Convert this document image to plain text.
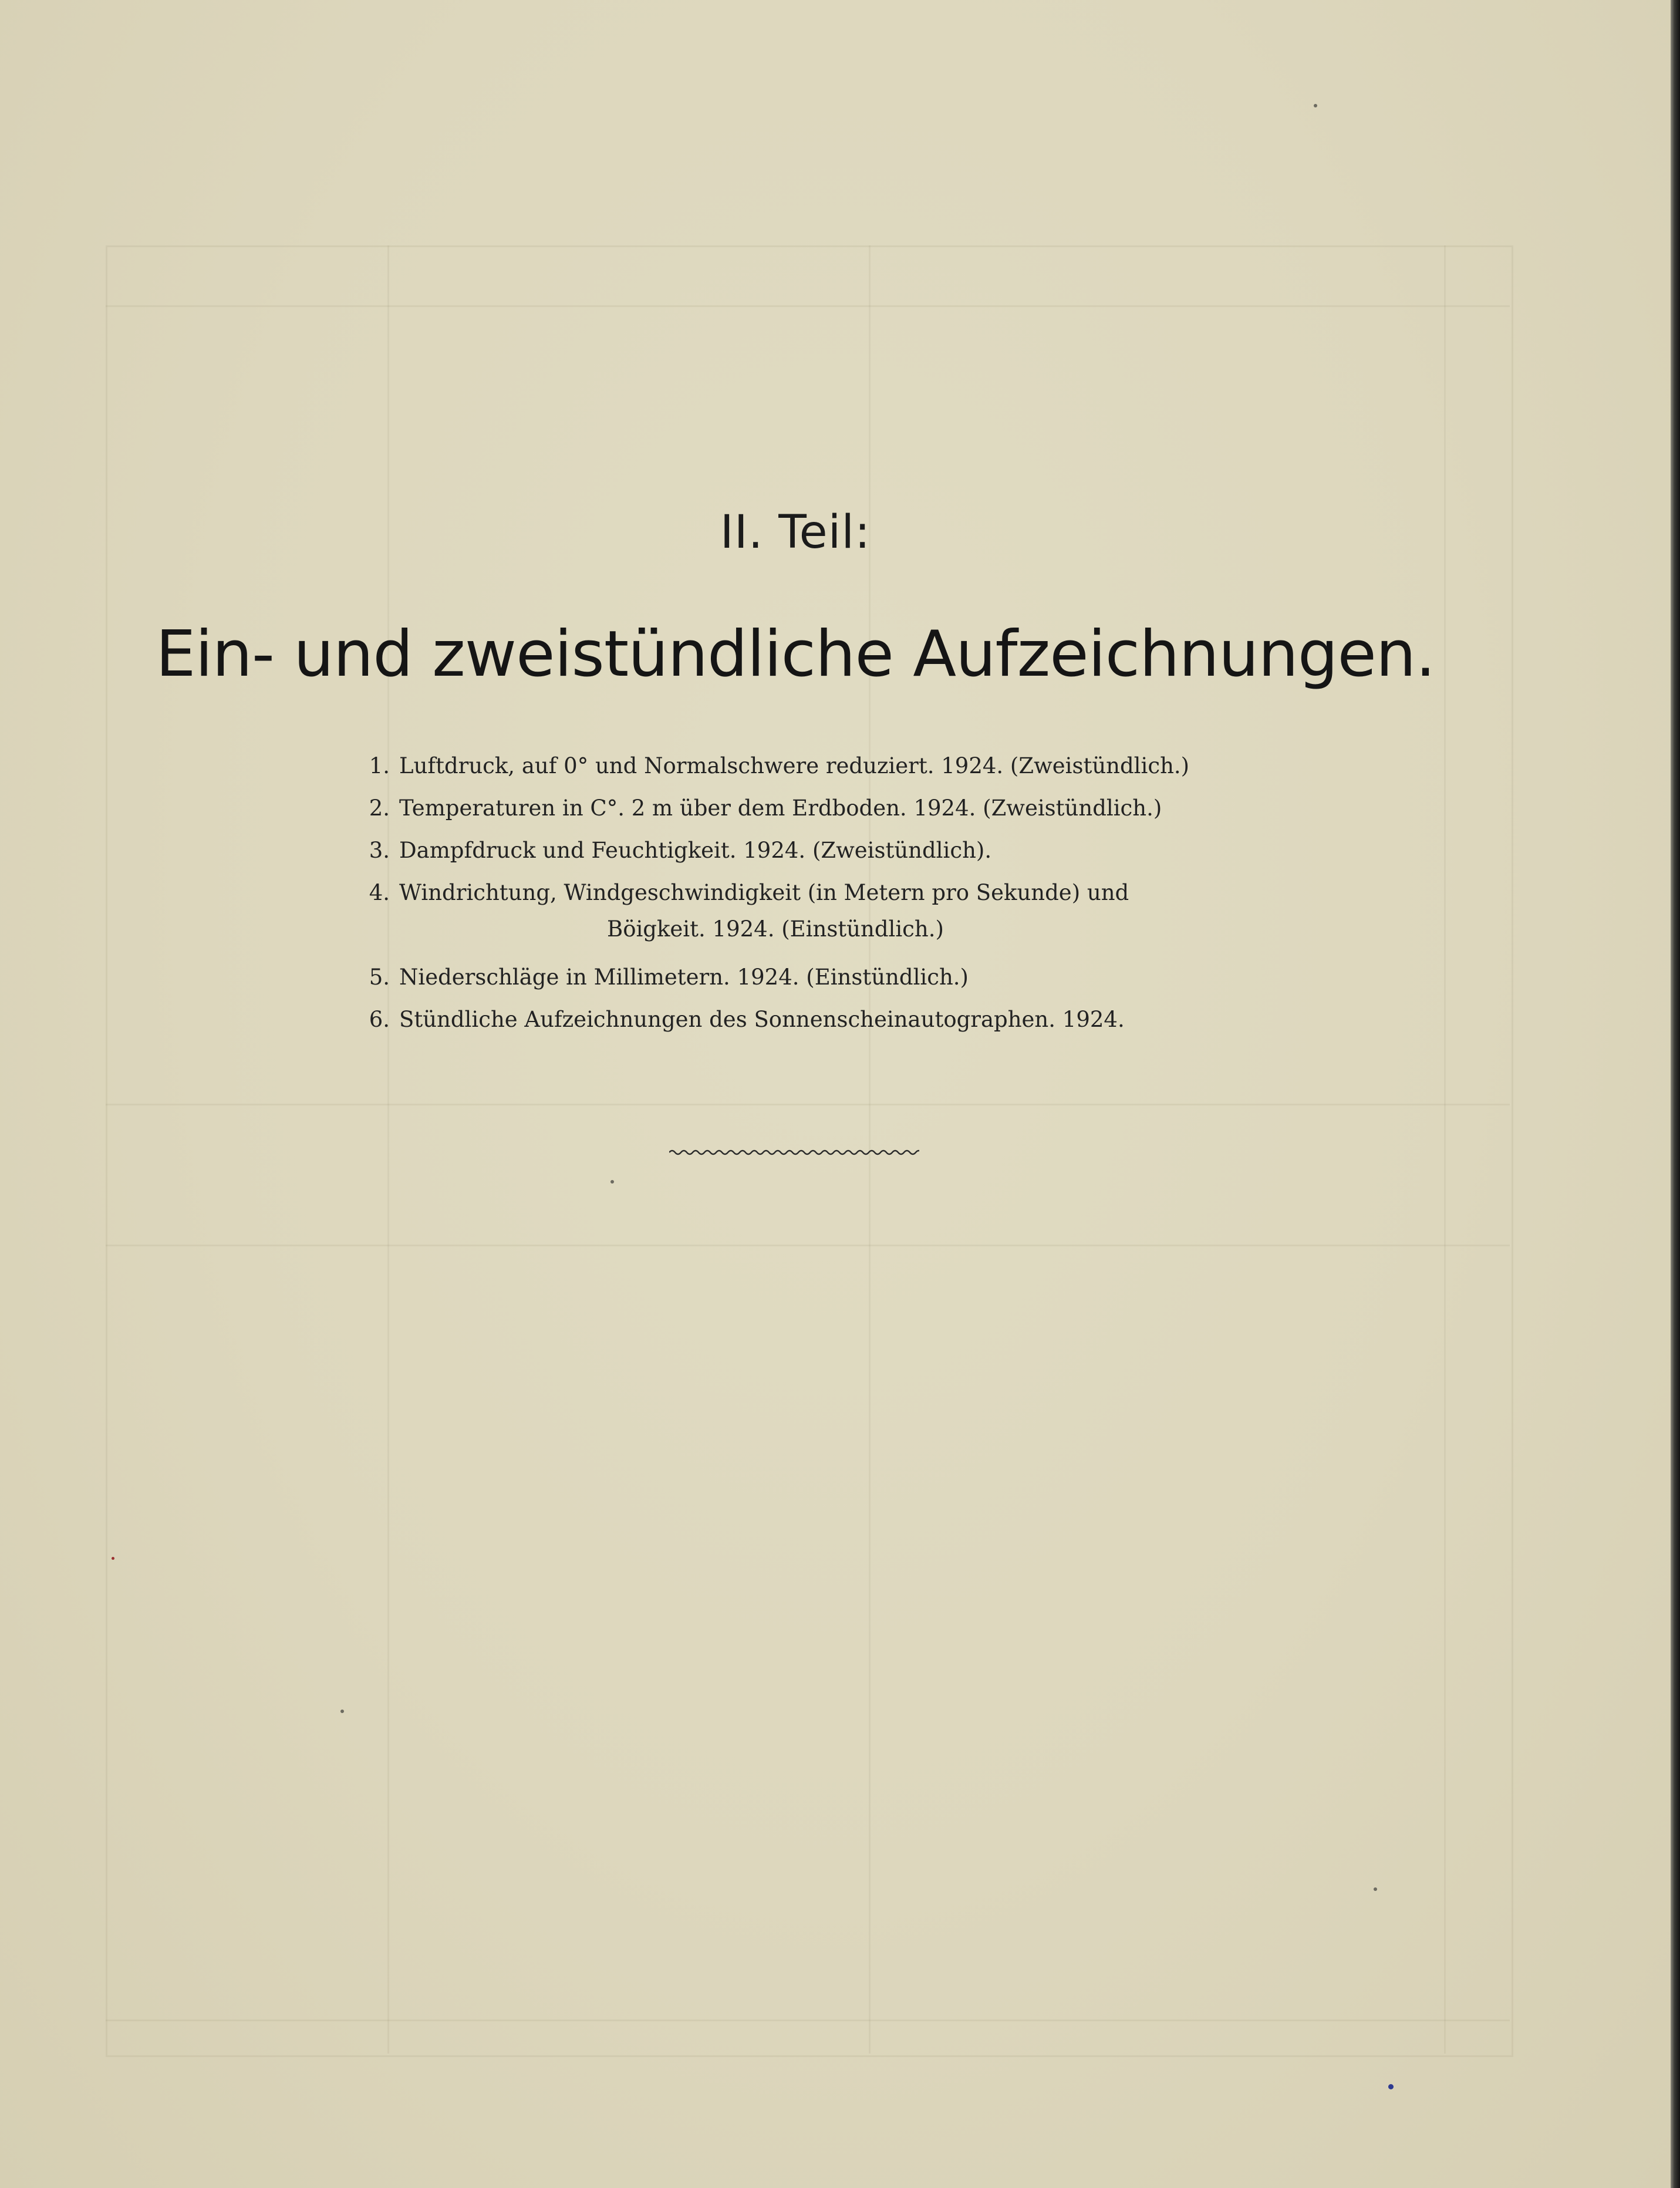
II. Teil:
Ein- und zweistündliche Aufzeichnungen.
1. Luftdruck, auf 0° und Normalschwere reduziert. 1924. (Zweistündlich.)
2. Temperaturen in C°. 2 m über dem Erdboden. 1924. (Zweistündlich.)
3. Dampfdruck und Feuchtigkeit. 1924. (Zweistündlich).
4. Windrichtung, Windgeschwindigkeit (in Metern pro Sekunde) und
Böigkeit. 1924. (Einstündlich.)
5. Niederschläge in Millimetern. 1924. (Einstündlich.)
6. Stündliche Aufzeichnungen des Sonnenscheinautographen. 1924.
